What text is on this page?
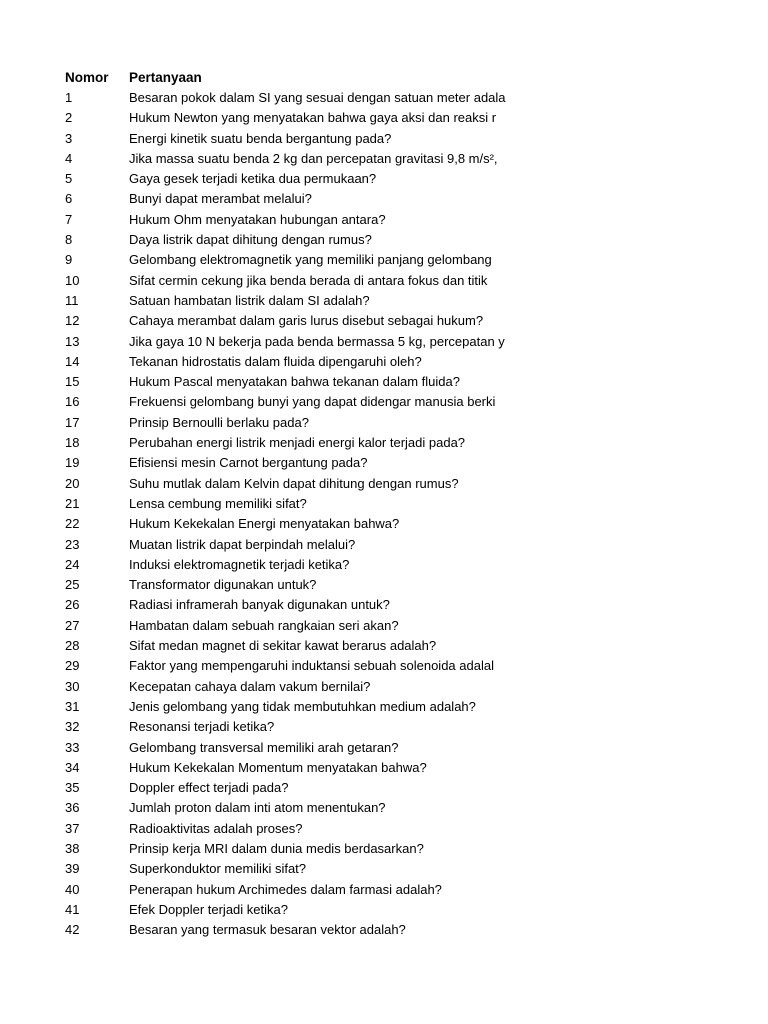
Nomor	Pertanyaan
1	Besaran pokok dalam SI yang sesuai dengan satuan meter adala
2	Hukum Newton yang menyatakan bahwa gaya aksi dan reaksi r
3	Energi kinetik suatu benda bergantung pada?
4	Jika massa suatu benda 2 kg dan percepatan gravitasi 9,8 m/s²,
5	Gaya gesek terjadi ketika dua permukaan?
6	Bunyi dapat merambat melalui?
7	Hukum Ohm menyatakan hubungan antara?
8	Daya listrik dapat dihitung dengan rumus?
9	Gelombang elektromagnetik yang memiliki panjang gelombang
10	Sifat cermin cekung jika benda berada di antara fokus dan titik
11	Satuan hambatan listrik dalam SI adalah?
12	Cahaya merambat dalam garis lurus disebut sebagai hukum?
13	Jika gaya 10 N bekerja pada benda bermassa 5 kg, percepatan y
14	Tekanan hidrostatis dalam fluida dipengaruhi oleh?
15	Hukum Pascal menyatakan bahwa tekanan dalam fluida?
16	Frekuensi gelombang bunyi yang dapat didengar manusia berki
17	Prinsip Bernoulli berlaku pada?
18	Perubahan energi listrik menjadi energi kalor terjadi pada?
19	Efisiensi mesin Carnot bergantung pada?
20	Suhu mutlak dalam Kelvin dapat dihitung dengan rumus?
21	Lensa cembung memiliki sifat?
22	Hukum Kekekalan Energi menyatakan bahwa?
23	Muatan listrik dapat berpindah melalui?
24	Induksi elektromagnetik terjadi ketika?
25	Transformator digunakan untuk?
26	Radiasi inframerah banyak digunakan untuk?
27	Hambatan dalam sebuah rangkaian seri akan?
28	Sifat medan magnet di sekitar kawat berarus adalah?
29	Faktor yang mempengaruhi induktansi sebuah solenoida adalal
30	Kecepatan cahaya dalam vakum bernilai?
31	Jenis gelombang yang tidak membutuhkan medium adalah?
32	Resonansi terjadi ketika?
33	Gelombang transversal memiliki arah getaran?
34	Hukum Kekekalan Momentum menyatakan bahwa?
35	Doppler effect terjadi pada?
36	Jumlah proton dalam inti atom menentukan?
37	Radioaktivitas adalah proses?
38	Prinsip kerja MRI dalam dunia medis berdasarkan?
39	Superkonduktor memiliki sifat?
40	Penerapan hukum Archimedes dalam farmasi adalah?
41	Efek Doppler terjadi ketika?
42	Besaran yang termasuk besaran vektor adalah?
